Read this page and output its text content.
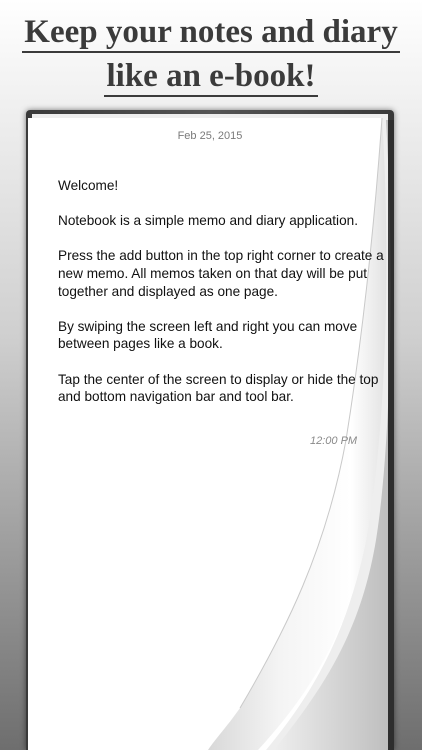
Keep your notes and diary
like an e-book!
Feb 25, 2015

Welcome!

Notebook is a simple memo and diary application.

Press the add button in the top right corner to create a new memo. All memos taken on that day will be put together and displayed as one page.

By swiping the screen left and right you can move between pages like a book.

Tap the center of the screen to display or hide the top and bottom navigation bar and tool bar.

12:00 PM
